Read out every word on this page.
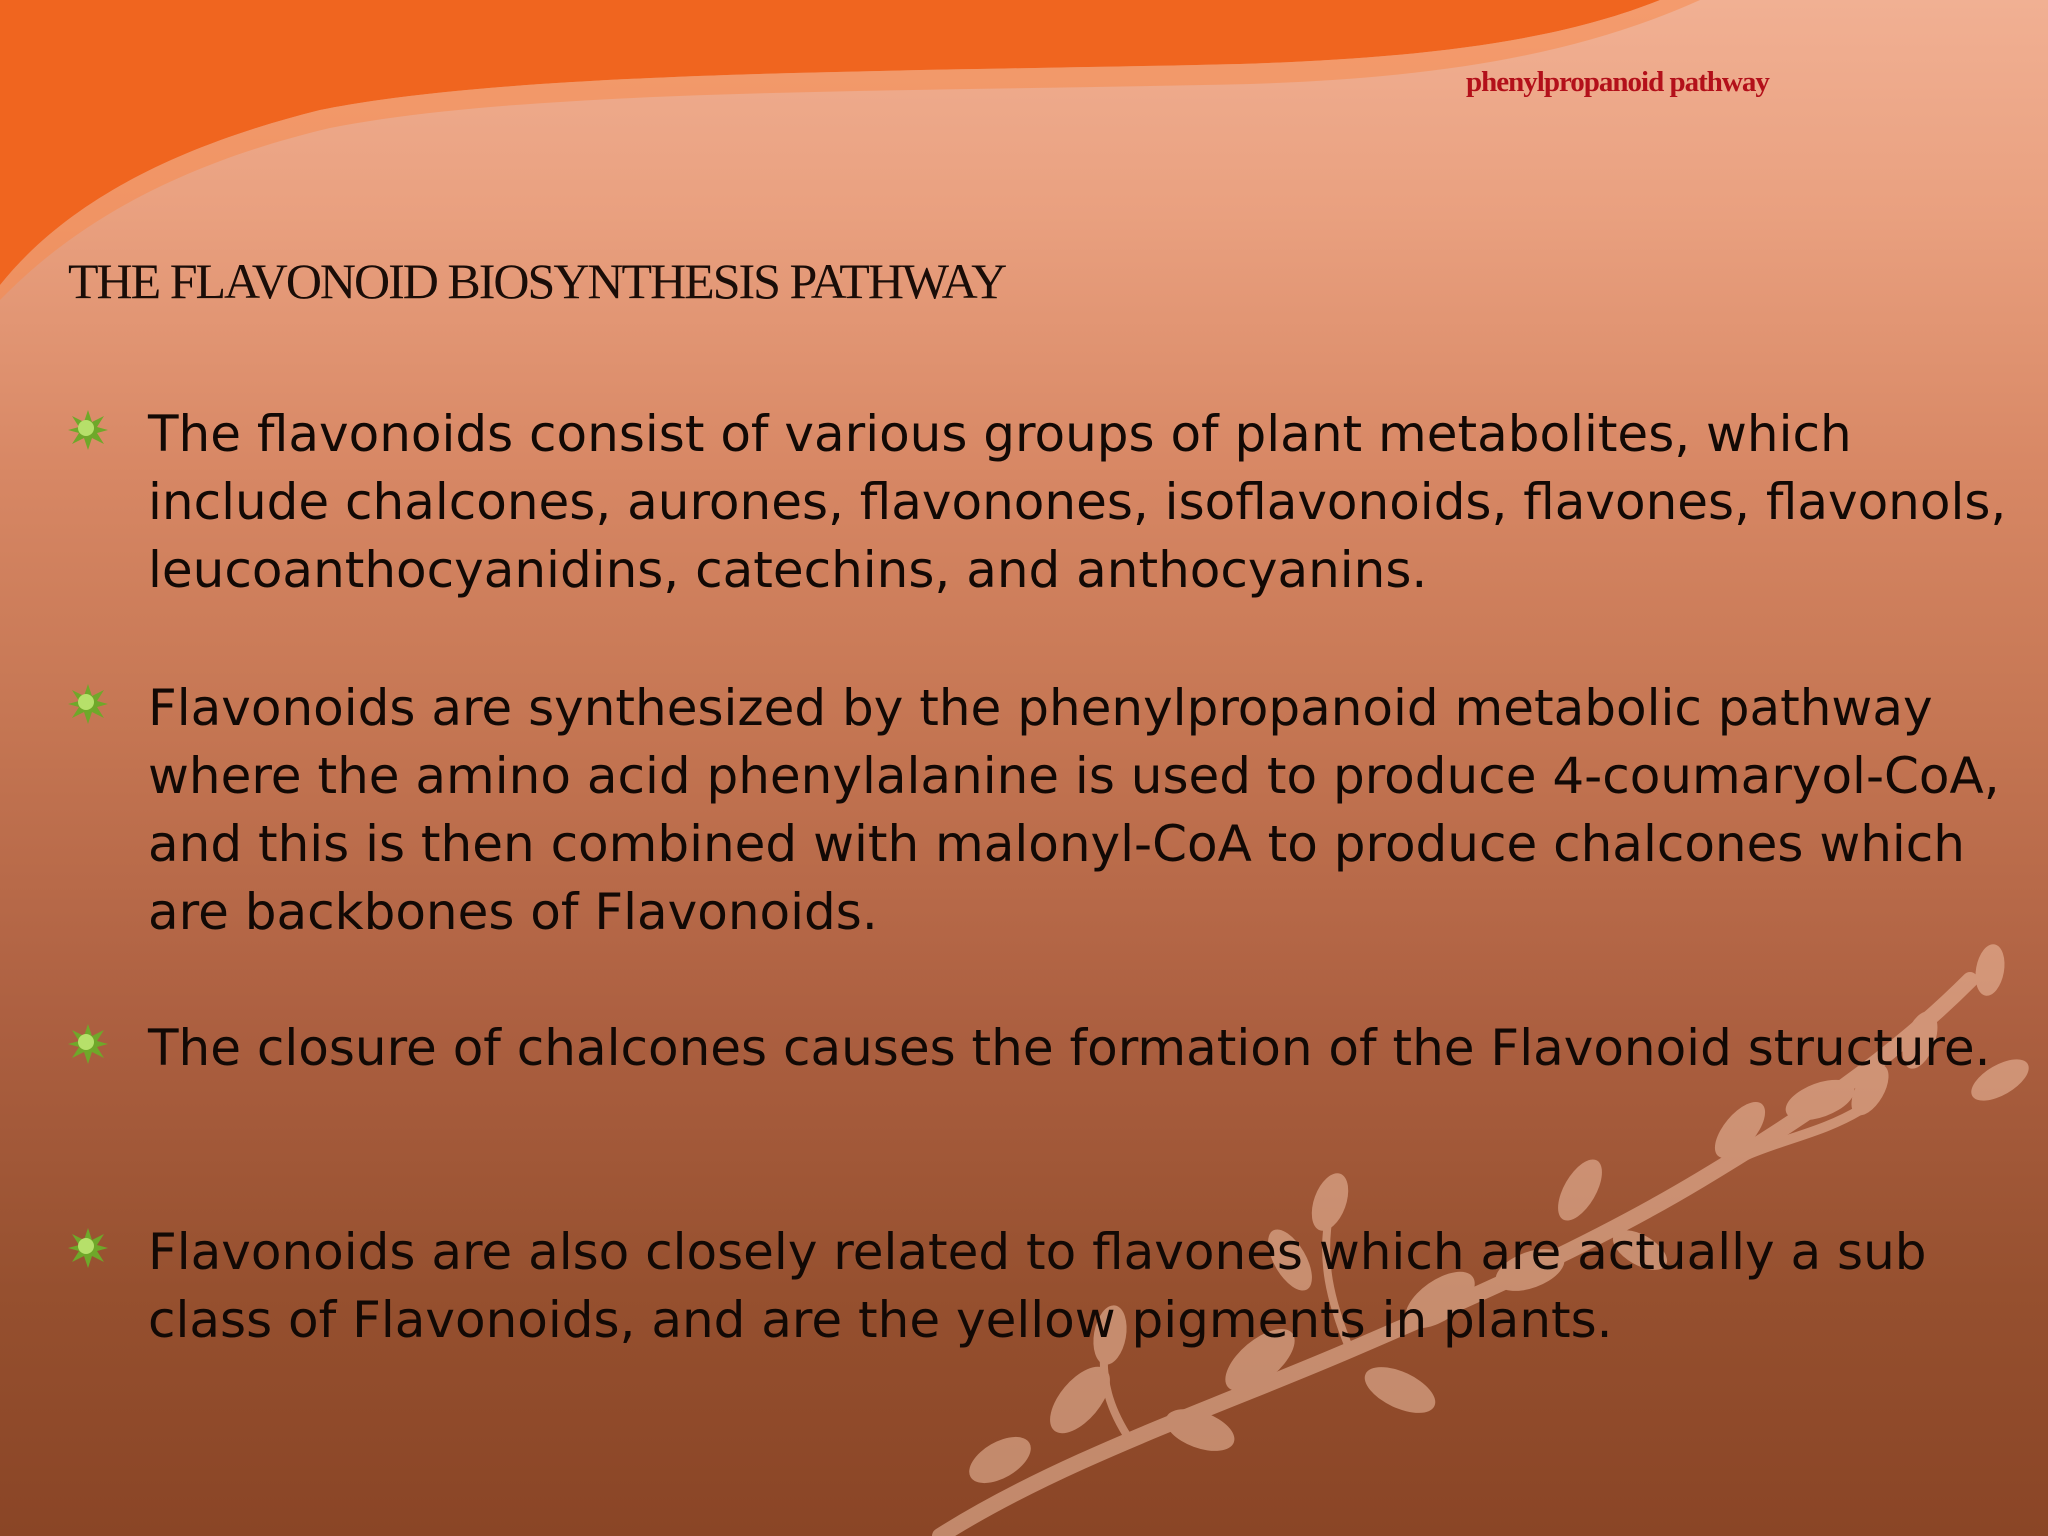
phenylpropanoid pathway
THE FLAVONOID BIOSYNTHESIS PATHWAY
The flavonoids consist of various groups of plant metabolites, which include chalcones, aurones, flavonones, isoflavonoids, flavones, flavonols, leucoanthocyanidins, catechins, and anthocyanins.
Flavonoids are synthesized by the phenylpropanoid metabolic pathway where the amino acid phenylalanine is used to produce 4-coumaryol-CoA, and this is then combined with malonyl-CoA to produce chalcones which are backbones of Flavonoids.
The closure of chalcones causes the formation of the Flavonoid structure.
Flavonoids are also closely related to flavones which are actually a sub class of Flavonoids, and are the yellow pigments in plants.
